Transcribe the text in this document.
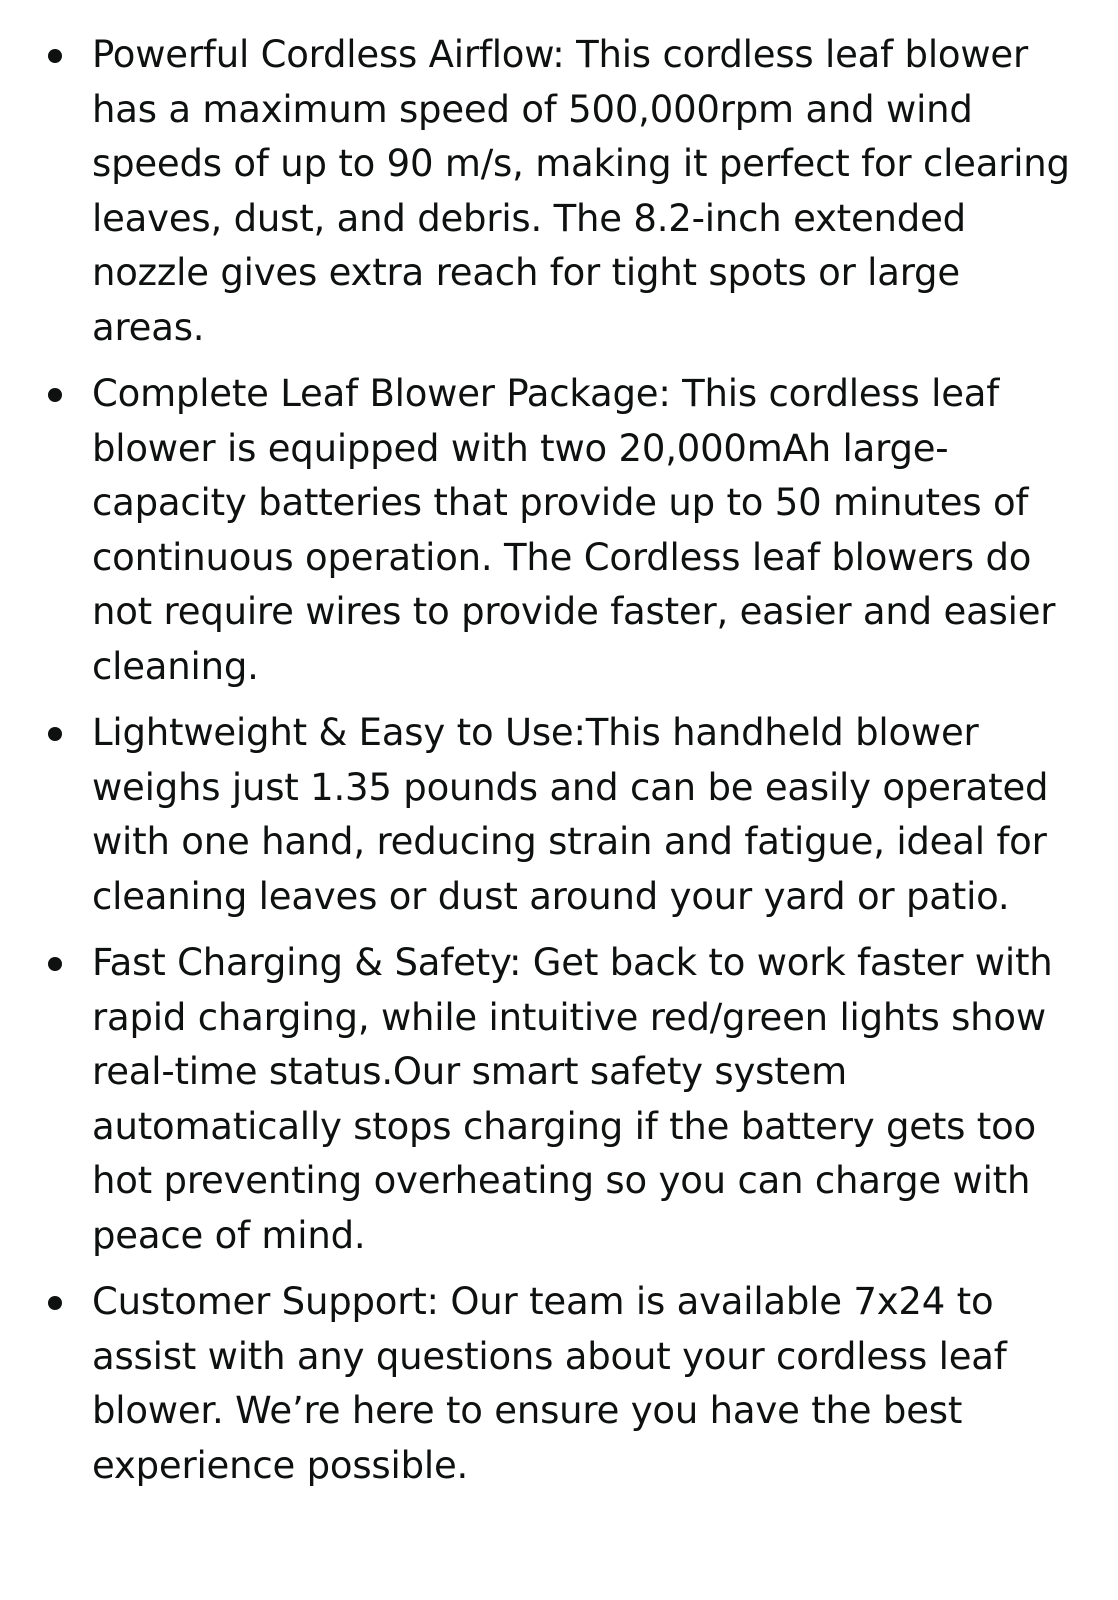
Powerful Cordless Airflow: This cordless leaf blower has a maximum speed of 500,000rpm and wind speeds of up to 90 m/s, making it perfect for clearing leaves, dust, and debris. The 8.2-inch extended nozzle gives extra reach for tight spots or large areas.
Complete Leaf Blower Package: This cordless leaf blower is equipped with two 20,000mAh large-capacity batteries that provide up to 50 minutes of continuous operation. The Cordless leaf blowers do not require wires to provide faster, easier and easier cleaning.
Lightweight & Easy to Use:This handheld blower weighs just 1.35 pounds and can be easily operated with one hand, reducing strain and fatigue, ideal for cleaning leaves or dust around your yard or patio.
Fast Charging & Safety: Get back to work faster with rapid charging, while intuitive red/green lights show real-time status.Our smart safety system automatically stops charging if the battery gets too hot preventing overheating so you can charge with peace of mind.
Customer Support: Our team is available 7x24 to assist with any questions about your cordless leaf blower. We’re here to ensure you have the best experience possible.
